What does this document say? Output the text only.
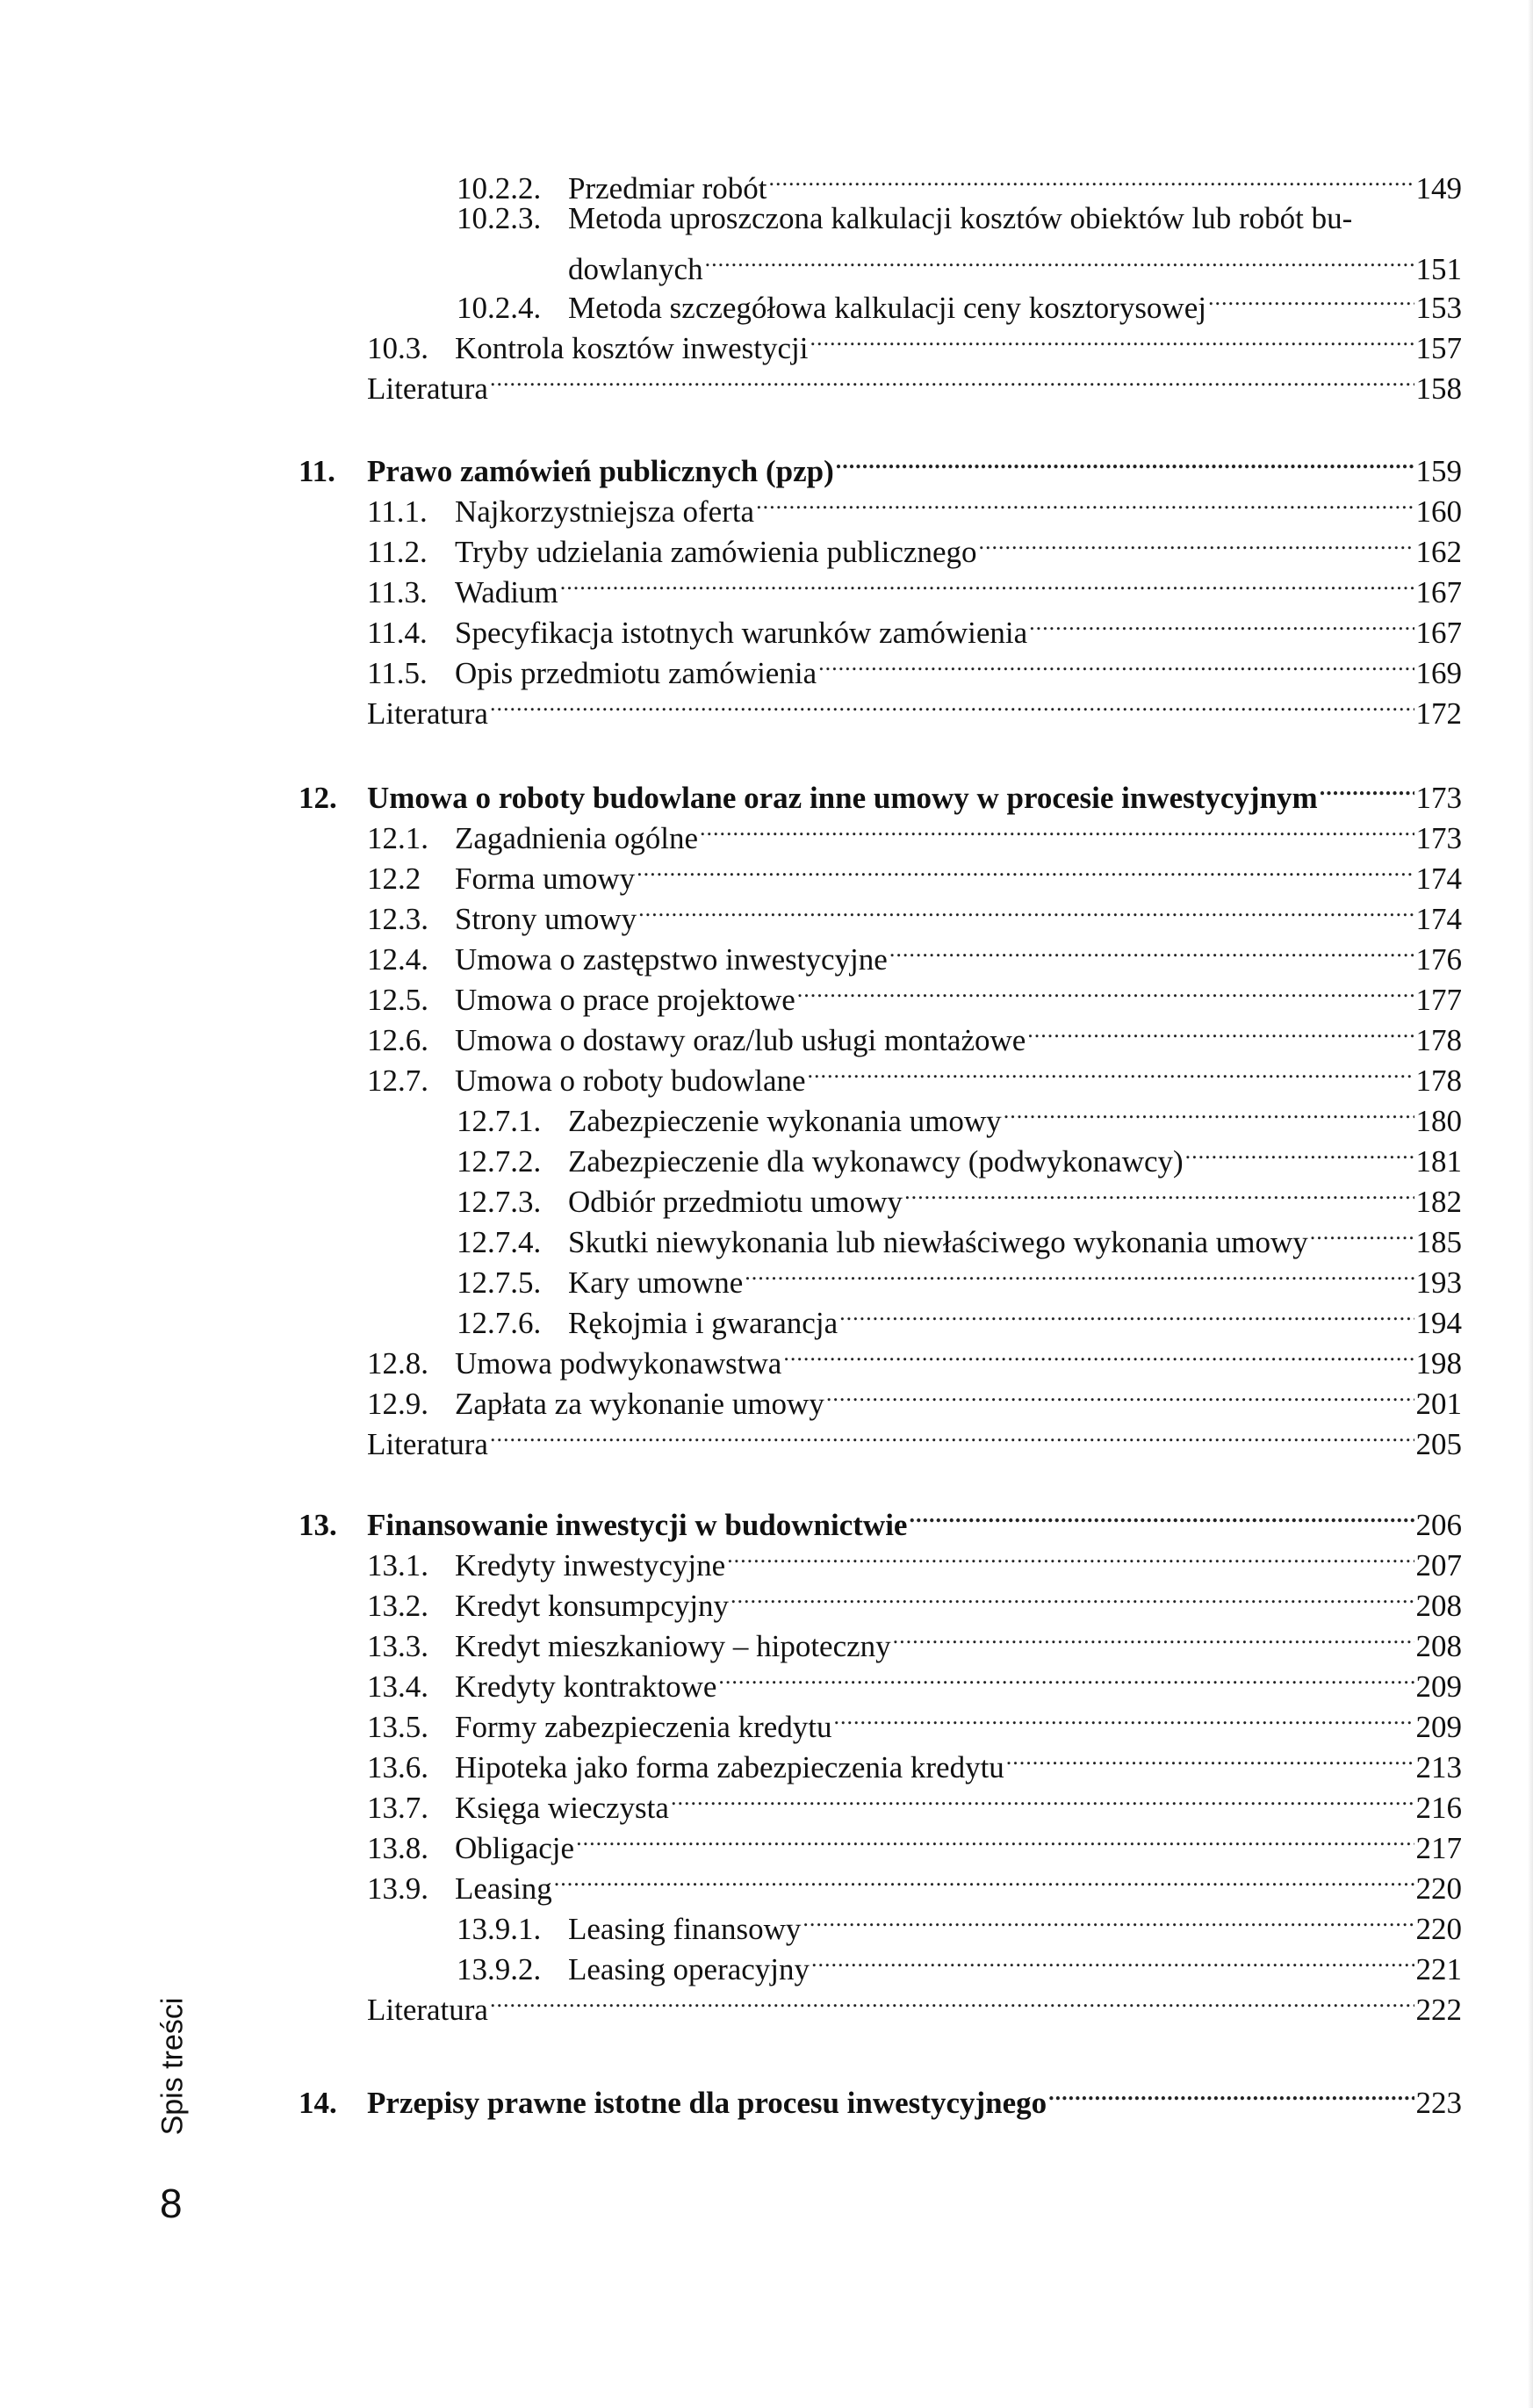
10.2.2. Przedmiar robót .....	149
10.2.3. Metoda uproszczona kalkulacji kosztów obiektów lub robót bu-
dowlanych .....	151
10.2.4. Metoda szczegółowa kalkulacji ceny kosztorysowej .....	153
10.3. Kontrola kosztów inwestycji .....	157
Literatura .....	158
11.	Prawo zamówień publicznych (pzp) .....	159
11.1. Najkorzystniejsza oferta .....	160
11.2. Tryby udzielania zamówienia publicznego .....	162
11.3. Wadium .....	167
11.4. Specyfikacja istotnych warunków zamówienia .....	167
11.5. Opis przedmiotu zamówienia .....	169
Literatura .....	172
12. Umowa o roboty budowlane oraz inne umowy w procesie inwestycyjnym .....	173
12.1. Zagadnienia ogólne .....	173
12.2	Forma umowy .....	174
12.3. Strony umowy .....	174
12.4. Umowa o zastępstwo inwestycyjne .....	176
12.5. Umowa o prace projektowe .....	177
12.6. Umowa o dostawy oraz/lub usługi montażowe .....	178
12.7. Umowa o roboty budowlane .....	178
12.7.1. Zabezpieczenie wykonania umowy .....	180
12.7.2. Zabezpieczenie dla wykonawcy (podwykonawcy) .....	181
12.7.3. Odbiór przedmiotu umowy .....	182
12.7.4. Skutki niewykonania lub niewłaściwego wykonania umowy .....	185
12.7.5. Kary umowne .....	193
12.7.6. Rękojmia i gwarancja .....	194
12.8. Umowa podwykonawstwa .....	198
12.9. Zapłata za wykonanie umowy .....	201
Literatura .....	205
13. Finansowanie inwestycji w budownictwie .....	206
13.1. Kredyty inwestycyjne .....	207
13.2. Kredyt konsumpcyjny .....	208
13.3. Kredyt mieszkaniowy – hipoteczny .....	208
13.4. Kredyty kontraktowe .....	209
13.5. Formy zabezpieczenia kredytu .....	209
13.6. Hipoteka jako forma zabezpieczenia kredytu .....	213
13.7. Księga wieczysta .....	216
13.8. Obligacje .....	217
13.9. Leasing .....	220
13.9.1. Leasing finansowy .....	220
13.9.2. Leasing operacyjny .....	221
Literatura .....	222
14. Przepisy prawne istotne dla procesu inwestycyjnego .....	223
Spis treści
8
